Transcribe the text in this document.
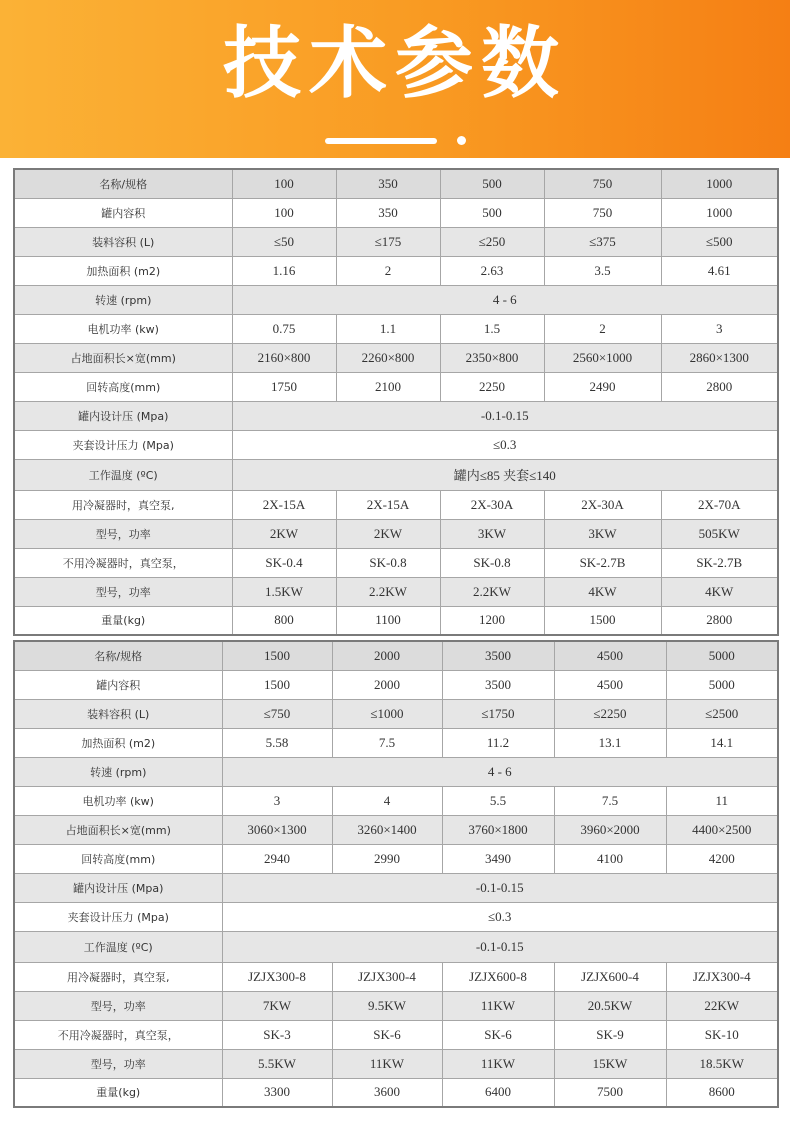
技术参数
名称/规格	100	350	500	750	1000
罐内容积	100	350	500	750	1000
装料容积 (L)	≤50	≤175	≤250	≤375	≤500
加热面积 (m2)	1.16	2	2.63	3.5	4.61
转速 (rpm)	4 - 6				
电机功率 (kw)	0.75	1.1	1.5	2	3
占地面积长×宽(mm)	2160×800	2260×800	2350×800	2560×1000	2860×1300
回转高度(mm)	1750	2100	2250	2490	2800
罐内设计压 (Mpa)	-0.1-0.15				
夹套设计压力 (Mpa)	≤0.3				
工作温度 (ºC)	罐内≤85 夹套≤140				
用冷凝器时，真空泵,	2X-15A	2X-15A	2X-30A	2X-30A	2X-70A
型号，功率	2KW	2KW	3KW	3KW	505KW
不用冷凝器时，真空泵，	SK-0.4	SK-0.8	SK-0.8	SK-2.7B	SK-2.7B
型号，功率	1.5KW	2.2KW	2.2KW	4KW	4KW
重量(kg)	800	1100	1200	1500	2800
名称/规格	1500	2000	3500	4500	5000
罐内容积	1500	2000	3500	4500	5000
装料容积 (L)	≤750	≤1000	≤1750	≤2250	≤2500
加热面积 (m2)	5.58	7.5	11.2	13.1	14.1
转速 (rpm)	4 - 6				
电机功率 (kw)	3	4	5.5	7.5	11
占地面积长×宽(mm)	3060×1300	3260×1400	3760×1800	3960×2000	4400×2500
回转高度(mm)	2940	2990	3490	4100	4200
罐内设计压 (Mpa)	-0.1-0.15				
夹套设计压力 (Mpa)	≤0.3				
工作温度 (ºC)	-0.1-0.15				
用冷凝器时，真空泵,	JZJX300-8	JZJX300-4	JZJX600-8	JZJX600-4	JZJX300-4
型号，功率	7KW	9.5KW	11KW	20.5KW	22KW
不用冷凝器时，真空泵，	SK-3	SK-6	SK-6	SK-9	SK-10
型号，功率	5.5KW	11KW	11KW	15KW	18.5KW
重量(kg)	3300	3600	6400	7500	8600
